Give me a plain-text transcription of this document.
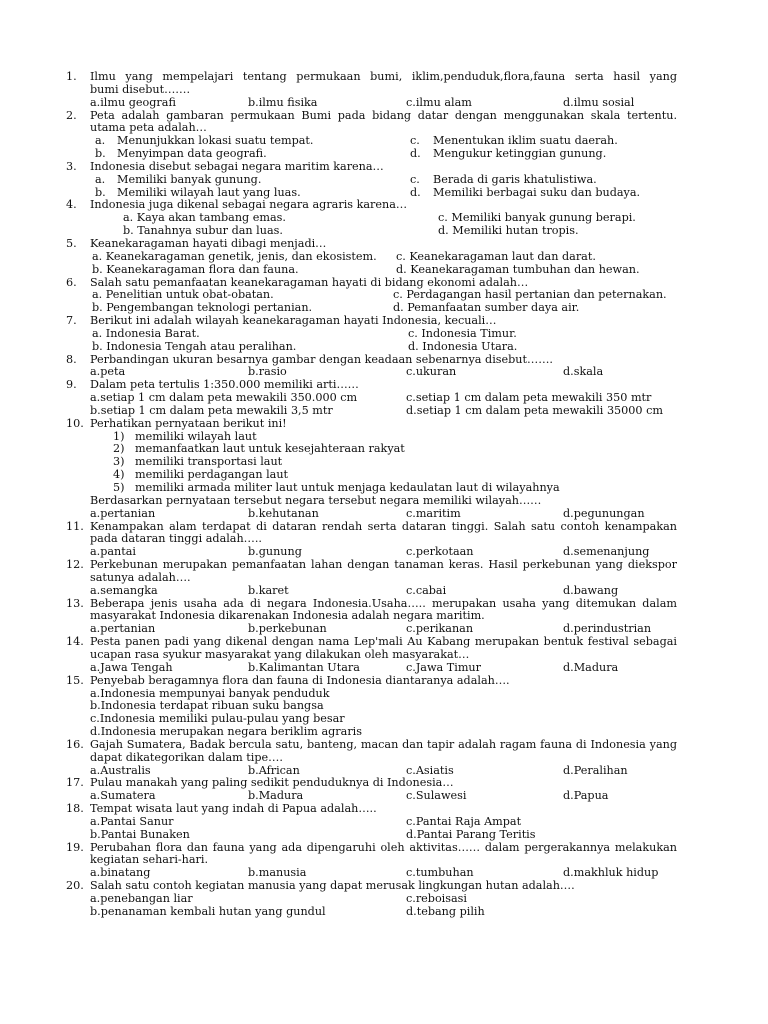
1.	Ilmu yang mempelajari tentang permukaan bumi, iklim,penduduk,flora,fauna serta hasil yang
bumi disebut…….
a.ilmu geografi	b.ilmu fisika	c.ilmu alam	d.ilmu sosial
2.	Peta adalah gambaran permukaan Bumi pada bidang datar dengan menggunakan skala tertentu.
utama peta adalah…
a. Menunjukkan lokasi suatu tempat.	c. Menentukan iklim suatu daerah.
b. Menyimpan data geografi.	d. Mengukur ketinggian gunung.
3.	Indonesia disebut sebagai negara maritim karena…
a. Memiliki banyak gunung.	c. Berada di garis khatulistiwa.
b. Memiliki wilayah laut yang luas.	d. Memiliki berbagai suku dan budaya.
4.	Indonesia juga dikenal sebagai negara agraris karena…
a. Kaya akan tambang emas.	c. Memiliki banyak gunung berapi.
b. Tanahnya subur dan luas.	d. Memiliki hutan tropis.
5.	Keanekaragaman hayati dibagi menjadi…
a. Keanekaragaman genetik, jenis, dan ekosistem. c. Keanekaragaman laut dan darat.
b. Keanekaragaman flora dan fauna.	d. Keanekaragaman tumbuhan dan hewan.
6.	Salah satu pemanfaatan keanekaragaman hayati di bidang ekonomi adalah…
a. Penelitian untuk obat-obatan.	c. Perdagangan hasil pertanian dan peternakan.
b. Pengembangan teknologi pertanian.	d. Pemanfaatan sumber daya air.
7.	Berikut ini adalah wilayah keanekaragaman hayati Indonesia, kecuali…
a. Indonesia Barat.	c. Indonesia Timur.
b. Indonesia Tengah atau peralihan.	d. Indonesia Utara.
8.	Perbandingan ukuran besarnya gambar dengan keadaan sebenarnya disebut…….
a.peta	b.rasio	c.ukuran	d.skala
9.	Dalam peta tertulis 1:350.000 memiliki arti……
a.setiap 1 cm dalam peta mewakili 350.000 cm	c.setiap 1 cm dalam peta mewakili 350 mtr
b.setiap 1 cm dalam peta mewakili 3,5 mtr	d.setiap 1 cm dalam peta mewakili 35000 cm
10. Perhatikan pernyataan berikut ini!
1) memiliki wilayah laut
2) memanfaatkan laut untuk kesejahteraan rakyat
3) memiliki transportasi laut
4) memiliki perdagangan laut
5) memiliki armada militer laut untuk menjaga kedaulatan laut di wilayahnya
Berdasarkan pernyataan tersebut negara tersebut negara memiliki wilayah……
a.pertanian	b.kehutanan	c.maritim	d.pegunungan
11. Kenampakan alam terdapat di dataran rendah serta dataran tinggi. Salah satu contoh kenampakan
pada dataran tinggi adalah…..
a.pantai	b.gunung	c.perkotaan	d.semenanjung
12. Perkebunan merupakan pemanfaatan lahan dengan tanaman keras. Hasil perkebunan yang diekspor
satunya adalah….
a.semangka	b.karet	c.cabai	d.bawang
13. Beberapa jenis usaha ada di negara Indonesia.Usaha….. merupakan usaha yang ditemukan dalam
masyarakat Indonesia dikarenakan Indonesia adalah negara maritim.
a.pertanian	b.perkebunan	c.perikanan	d.perindustrian
14. Pesta panen padi yang dikenal dengan nama Lep'mali Au Kabang merupakan bentuk festival sebagai
ucapan rasa syukur masyarakat yang dilakukan oleh masyarakat…
a.Jawa Tengah	b.Kalimantan Utara	c.Jawa Timur	d.Madura
15. Penyebab beragamnya flora dan fauna di Indonesia diantaranya adalah….
a.Indonesia mempunyai banyak penduduk
b.Indonesia terdapat ribuan suku bangsa
c.Indonesia memiliki pulau-pulau yang besar
d.Indonesia merupakan negara beriklim agraris
16. Gajah Sumatera, Badak bercula satu, banteng, macan dan tapir adalah ragam fauna di Indonesia yang
dapat dikategorikan dalam tipe….
a.Australis	b.African	c.Asiatis	d.Peralihan
17. Pulau manakah yang paling sedikit penduduknya di Indonesia…
a.Sumatera	b.Madura	c.Sulawesi	d.Papua
18. Tempat wisata laut yang indah di Papua adalah…..
a.Pantai Sanur	c.Pantai Raja Ampat
b.Pantai Bunaken	d.Pantai Parang Teritis
19. Perubahan flora dan fauna yang ada dipengaruhi oleh aktivitas…… dalam pergerakannya melakukan
kegiatan sehari-hari.
a.binatang	b.manusia	c.tumbuhan	d.makhluk hidup
20. Salah satu contoh kegiatan manusia yang dapat merusak lingkungan hutan adalah….
a.penebangan liar	c.reboisasi
b.penanaman kembali hutan yang gundul	d.tebang pilih
